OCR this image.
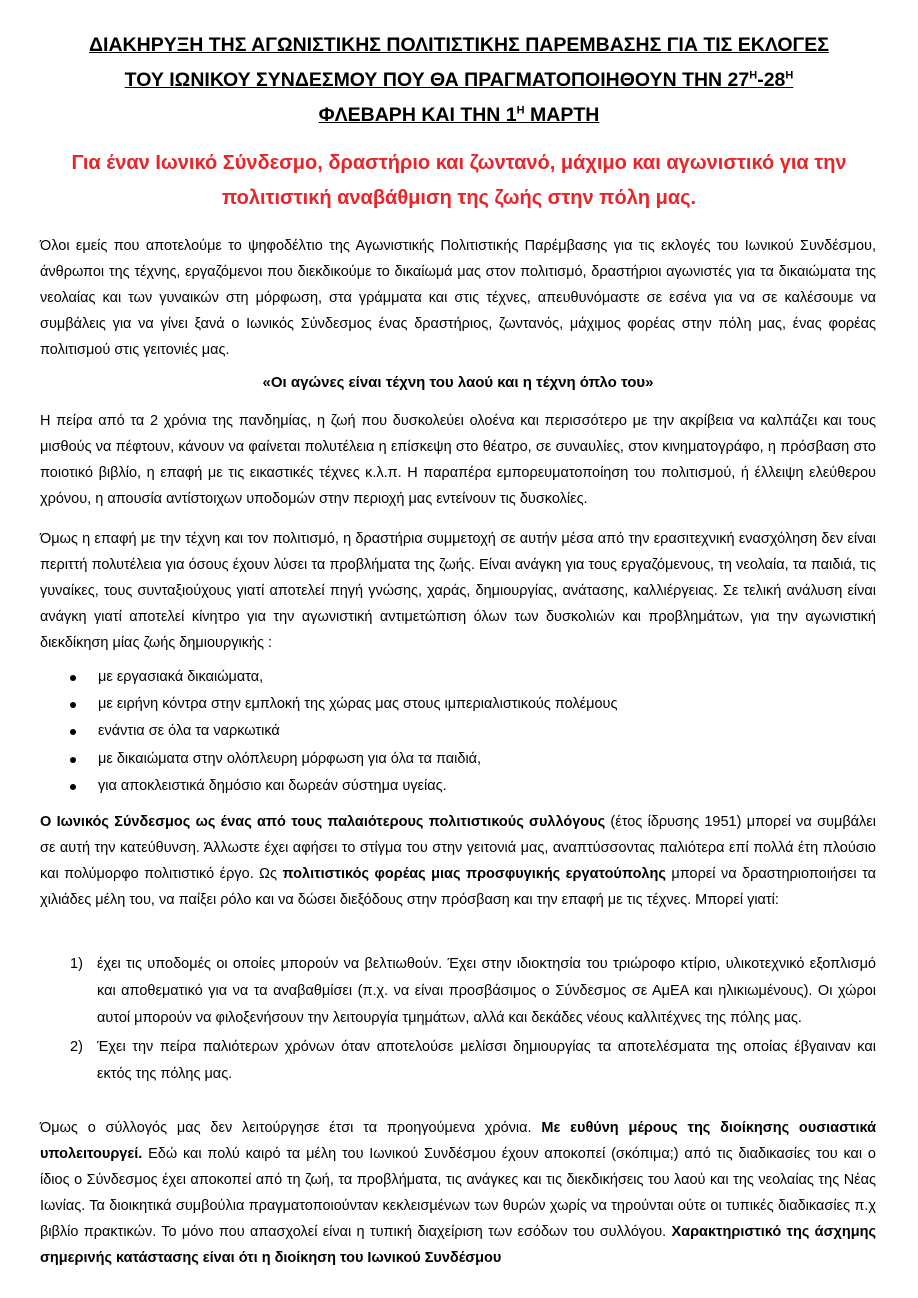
ΔΙΑΚΗΡΥΞΗ ΤΗΣ ΑΓΩΝΙΣΤΙΚΗΣ ΠΟΛΙΤΙΣΤΙΚΗΣ ΠΑΡΕΜΒΑΣΗΣ ΓΙΑ ΤΙΣ ΕΚΛΟΓΕΣ
ΤΟΥ ΙΩΝΙΚΟΥ ΣΥΝΔΕΣΜΟΥ ΠΟΥ ΘΑ ΠΡΑΓΜΑΤΟΠΟΙΗΘΟΥΝ ΤΗΝ $27^H-28^H$
ΦΛΕΒΑΡΗ ΚΑΙ ΤΗΝ $1^H$ ΜΑΡΤΗ
Για έναν Ιωνικό Σύνδεσμο, δραστήριο και ζωντανό, μάχιμο και αγωνιστικό για την πολιτιστική αναβάθμιση της ζωής στην πόλη μας.

Όλοι εμείς που αποτελούμε το ψηφοδέλτιο της Αγωνιστικής Πολιτιστικής Παρέμβασης για τις εκλογές του Ιωνικού Συνδέσμου, άνθρωποι της τέχνης, εργαζόμενοι που διεκδικούμε το δικαίωμά μας στον πολιτισμό, δραστήριοι αγωνιστές για τα δικαιώματα της νεολαίας και των γυναικών στη μόρφωση, στα γράμματα και στις τέχνες, απευθυνόμαστε σε εσένα για να σε καλέσουμε να συμβάλεις για να γίνει ξανά ο Ιωνικός Σύνδεσμος ένας δραστήριος, ζωντανός, μάχιμος φορέας στην πόλη μας, ένας φορέας πολιτισμού στις γειτονιές μας.

«Οι αγώνες είναι τέχνη του λαού και η τέχνη όπλο του»

Η πείρα από τα 2 χρόνια της πανδημίας, η ζωή που δυσκολεύει ολοένα και περισσότερο με την ακρίβεια να καλπάζει και τους μισθούς να πέφτουν, κάνουν να φαίνεται πολυτέλεια η επίσκεψη στο θέατρο, σε συναυλίες, στον κινηματογράφο, η πρόσβαση στο ποιοτικό βιβλίο, η επαφή με τις εικαστικές τέχνες κ.λ.π. Η παραπέρα εμπορευματοποίηση του πολιτισμού, ή έλλειψη ελεύθερου χρόνου, η απουσία αντίστοιχων υποδομών στην περιοχή μας εντείνουν τις δυσκολίες.

Όμως η επαφή με την τέχνη και τον πολιτισμό, η δραστήρια συμμετοχή σε αυτήν μέσα από την ερασιτεχνική ενασχόληση δεν είναι περιττή πολυτέλεια για όσους έχουν λύσει τα προβλήματα της ζωής. Είναι ανάγκη για τους εργαζόμενους, τη νεολαία, τα παιδιά, τις γυναίκες, τους συνταξιούχους γιατί αποτελεί πηγή γνώσης, χαράς, δημιουργίας, ανάτασης, καλλιέργειας. Σε τελική ανάλυση είναι ανάγκη γιατί αποτελεί κίνητρο για την αγωνιστική αντιμετώπιση όλων των δυσκολιών και προβλημάτων, για την αγωνιστική διεκδίκηση μίας ζωής δημιουργικής :

με εργασιακά δικαιώματα,
με ειρήνη κόντρα στην εμπλοκή της χώρας μας στους ιμπεριαλιστικούς πολέμους
ενάντια σε όλα τα ναρκωτικά
με δικαιώματα στην ολόπλευρη μόρφωση για όλα τα παιδιά,
για αποκλειστικά δημόσιο και δωρεάν σύστημα υγείας.

Ο Ιωνικός Σύνδεσμος ως ένας από τους παλαιότερους πολιτιστικούς συλλόγους (έτος ίδρυσης 1951) μπορεί να συμβάλει σε αυτή την κατεύθυνση. Άλλωστε έχει αφήσει το στίγμα του στην γειτονιά μας, αναπτύσσοντας παλιότερα επί πολλά έτη πλούσιο και πολύμορφο πολιτιστικό έργο. Ως πολιτιστικός φορέας μιας προσφυγικής εργατούπολης μπορεί να δραστηριοποιήσει τα χιλιάδες μέλη του, να παίξει ρόλο και να δώσει διεξόδους στην πρόσβαση και την επαφή με τις τέχνες. Μπορεί γιατί:

1) έχει τις υποδομές οι οποίες μπορούν να βελτιωθούν. Έχει στην ιδιοκτησία του τριώροφο κτίριο, υλικοτεχνικό εξοπλισμό και αποθεματικό για να τα αναβαθμίσει (π.χ. να είναι προσβάσιμος ο Σύνδεσμος σε ΑμΕΑ και ηλικιωμένους). Οι χώροι αυτοί μπορούν να φιλοξενήσουν την λειτουργία τμημάτων, αλλά και δεκάδες νέους καλλιτέχνες της πόλης μας.
2) Έχει την πείρα παλιότερων χρόνων όταν αποτελούσε μελίσσι δημιουργίας τα αποτελέσματα της οποίας έβγαιναν και εκτός της πόλης μας.

Όμως ο σύλλογός μας δεν λειτούργησε έτσι τα προηγούμενα χρόνια. Με ευθύνη μέρους της διοίκησης ουσιαστικά υπολειτουργεί. Εδώ και πολύ καιρό τα μέλη του Ιωνικού Συνδέσμου έχουν αποκοπεί (σκόπιμα;) από τις διαδικασίες του και ο ίδιος ο Σύνδεσμος έχει αποκοπεί από τη ζωή, τα προβλήματα, τις ανάγκες και τις διεκδικήσεις του λαού και της νεολαίας της Νέας Ιωνίας. Τα διοικητικά συμβούλια πραγματοποιούνταν κεκλεισμένων των θυρών χωρίς να τηρούνται ούτε οι τυπικές διαδικασίες π.χ βιβλίο πρακτικών. Το μόνο που απασχολεί είναι η τυπική διαχείριση των εσόδων του συλλόγου. Χαρακτηριστικό της άσχημης σημερινής κατάστασης είναι ότι η διοίκηση του Ιωνικού Συνδέσμου
